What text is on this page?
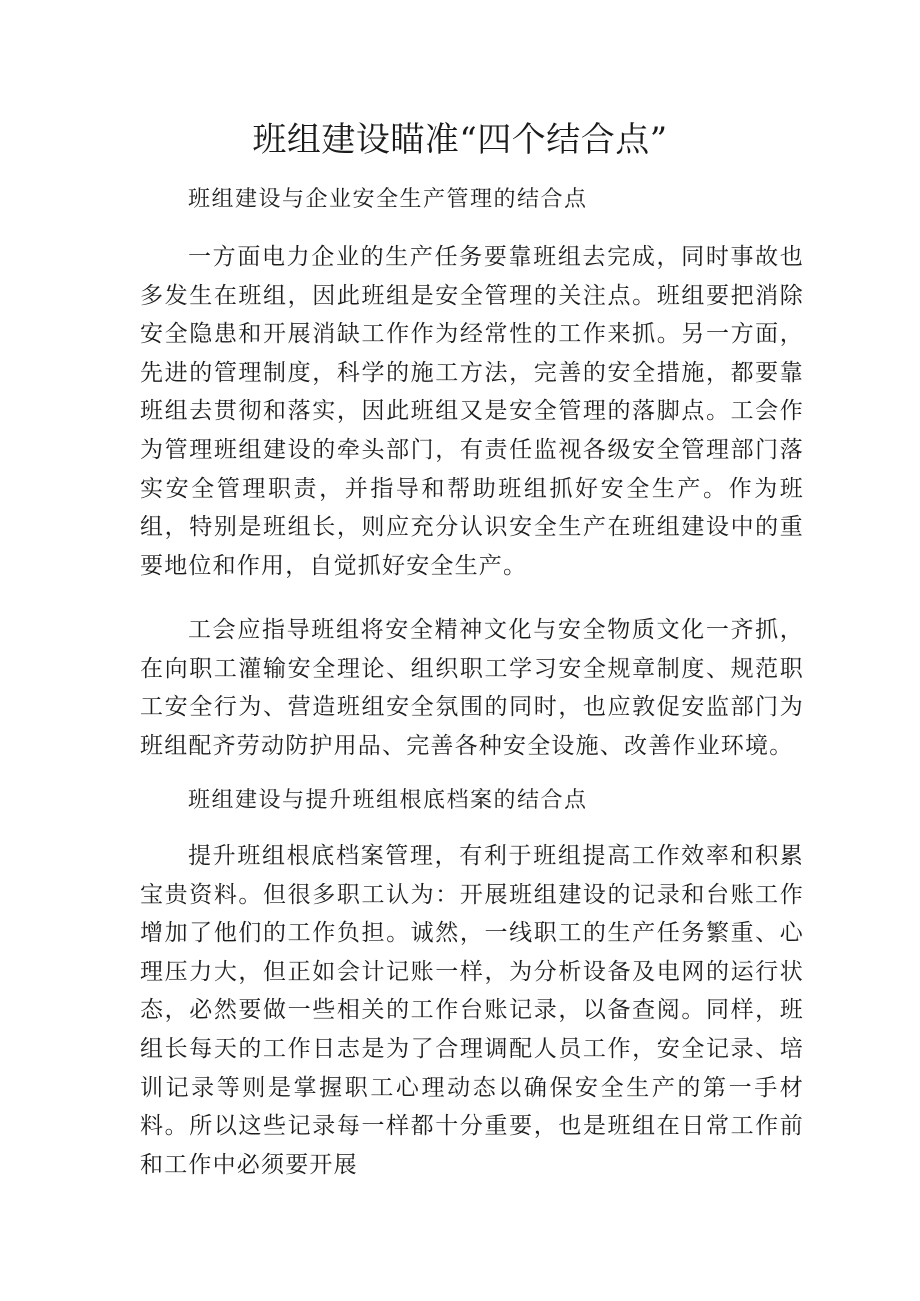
班组建设瞄准“四个结合点”
班组建设与企业安全生产管理的结合点

一方面电力企业的生产任务要靠班组去完成，同时事故也多发生在班组，因此班组是安全管理的关注点。班组要把消除安全隐患和开展消缺工作作为经常性的工作来抓。另一方面，先进的管理制度，科学的施工方法，完善的安全措施，都要靠班组去贯彻和落实，因此班组又是安全管理的落脚点。工会作为管理班组建设的牵头部门，有责任监视各级安全管理部门落实安全管理职责，并指导和帮助班组抓好安全生产。作为班组，特别是班组长，则应充分认识安全生产在班组建设中的重要地位和作用，自觉抓好安全生产。

工会应指导班组将安全精神文化与安全物质文化一齐抓，在向职工灌输安全理论、组织职工学习安全规章制度、规范职工安全行为、营造班组安全氛围的同时，也应敦促安监部门为班组配齐劳动防护用品、完善各种安全设施、改善作业环境。

班组建设与提升班组根底档案的结合点

提升班组根底档案管理，有利于班组提高工作效率和积累宝贵资料。但很多职工认为：开展班组建设的记录和台账工作增加了他们的工作负担。诚然，一线职工的生产任务繁重、心理压力大，但正如会计记账一样，为分析设备及电网的运行状态，必然要做一些相关的工作台账记录，以备查阅。同样，班组长每天的工作日志是为了合理调配人员工作，安全记录、培训记录等则是掌握职工心理动态以确保安全生产的第一手材料。所以这些记录每一样都十分重要，也是班组在日常工作前和工作中必须要开展
